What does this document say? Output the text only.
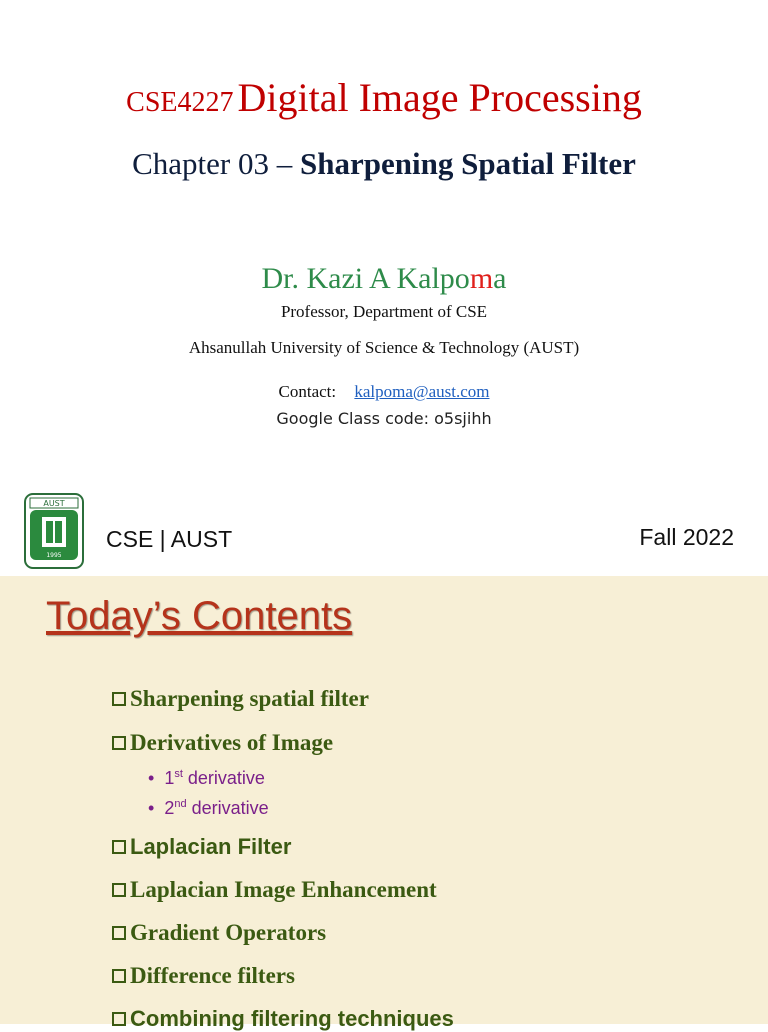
CSE4227 Digital Image Processing
Chapter 03 – Sharpening Spatial Filter
Dr. Kazi A Kalpoma
Professor, Department of CSE
Ahsanullah University of Science & Technology (AUST)
Contact: kalpoma@aust.com
Google Class code: o5sjihh
AUST
1995
CSE | AUST	Fall 2022
Today’s Contents
Sharpening spatial filter
Derivatives of Image
• 1st derivative
• 2nd derivative
Laplacian Filter
Laplacian Image Enhancement
Gradient Operators
Difference filters
Combining filtering techniques
